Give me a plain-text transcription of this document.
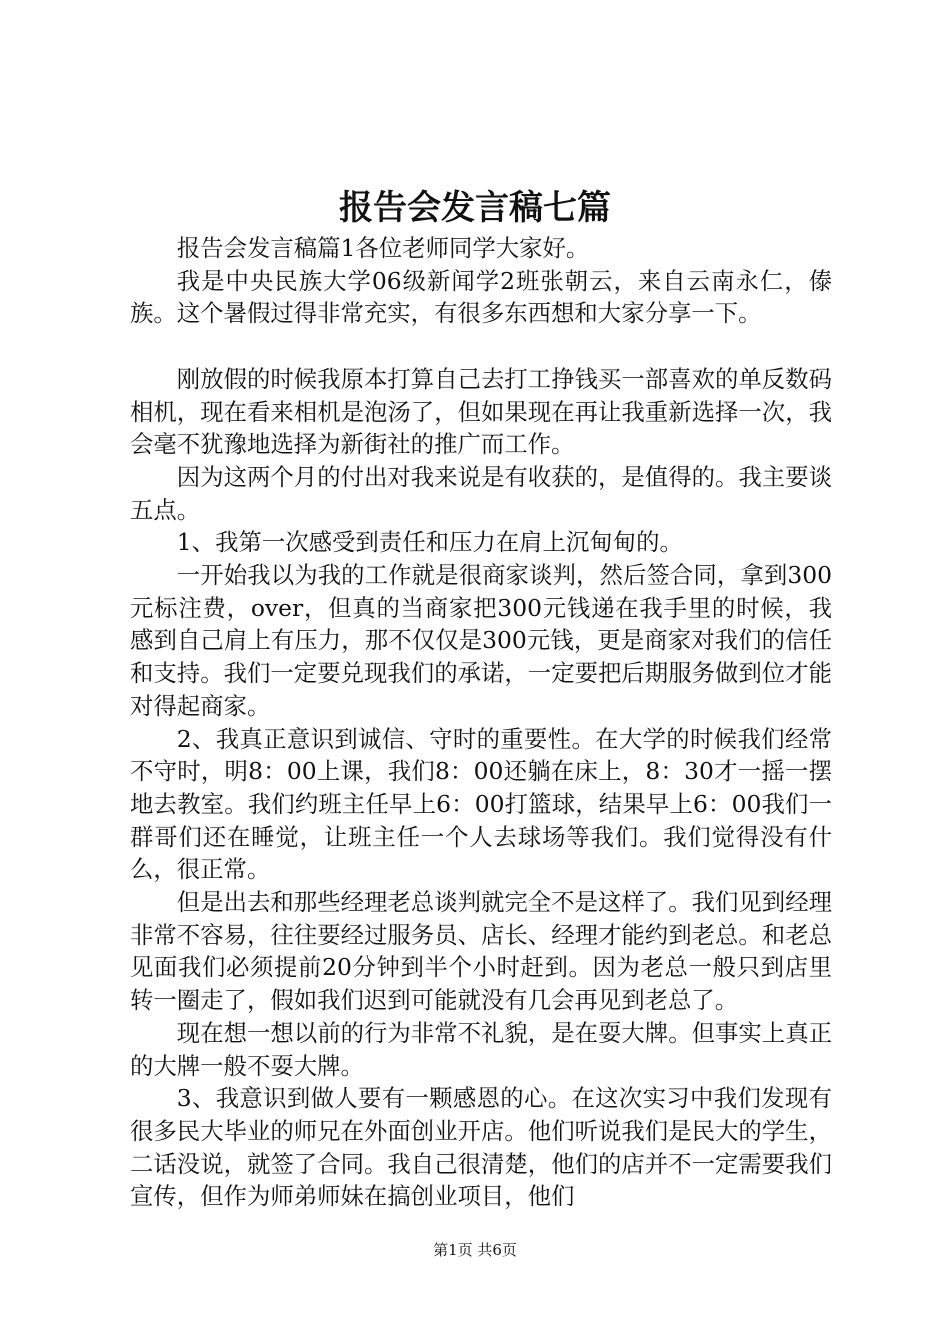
报告会发言稿七篇

报告会发言稿篇1各位老师同学大家好。

我是中央民族大学06级新闻学2班张朝云，来自云南永仁，傣族。这个暑假过得非常充实，有很多东西想和大家分享一下。

刚放假的时候我原本打算自己去打工挣钱买一部喜欢的单反数码相机，现在看来相机是泡汤了，但如果现在再让我重新选择一次，我会毫不犹豫地选择为新街社的推广而工作。

因为这两个月的付出对我来说是有收获的，是值得的。我主要谈五点。

1、我第一次感受到责任和压力在肩上沉甸甸的。

一开始我以为我的工作就是很商家谈判，然后签合同，拿到300元标注费，over，但真的当商家把300元钱递在我手里的时候，我感到自己肩上有压力，那不仅仅是300元钱，更是商家对我们的信任和支持。我们一定要兑现我们的承诺，一定要把后期服务做到位才能对得起商家。

2、我真正意识到诚信、守时的重要性。在大学的时候我们经常不守时，明8：00上课，我们8：00还躺在床上，8：30才一摇一摆地去教室。我们约班主任早上6：00打篮球，结果早上6：00我们一群哥们还在睡觉，让班主任一个人去球场等我们。我们觉得没有什么，很正常。

但是出去和那些经理老总谈判就完全不是这样了。我们见到经理非常不容易，往往要经过服务员、店长、经理才能约到老总。和老总见面我们必须提前20分钟到半个小时赶到。因为老总一般只到店里转一圈走了，假如我们迟到可能就没有几会再见到老总了。

现在想一想以前的行为非常不礼貌，是在耍大牌。但事实上真正的大牌一般不耍大牌。

3、我意识到做人要有一颗感恩的心。在这次实习中我们发现有很多民大毕业的师兄在外面创业开店。他们听说我们是民大的学生，二话没说，就签了合同。我自己很清楚，他们的店并不一定需要我们宣传，但作为师弟师妹在搞创业项目，他们

第1页 共6页
